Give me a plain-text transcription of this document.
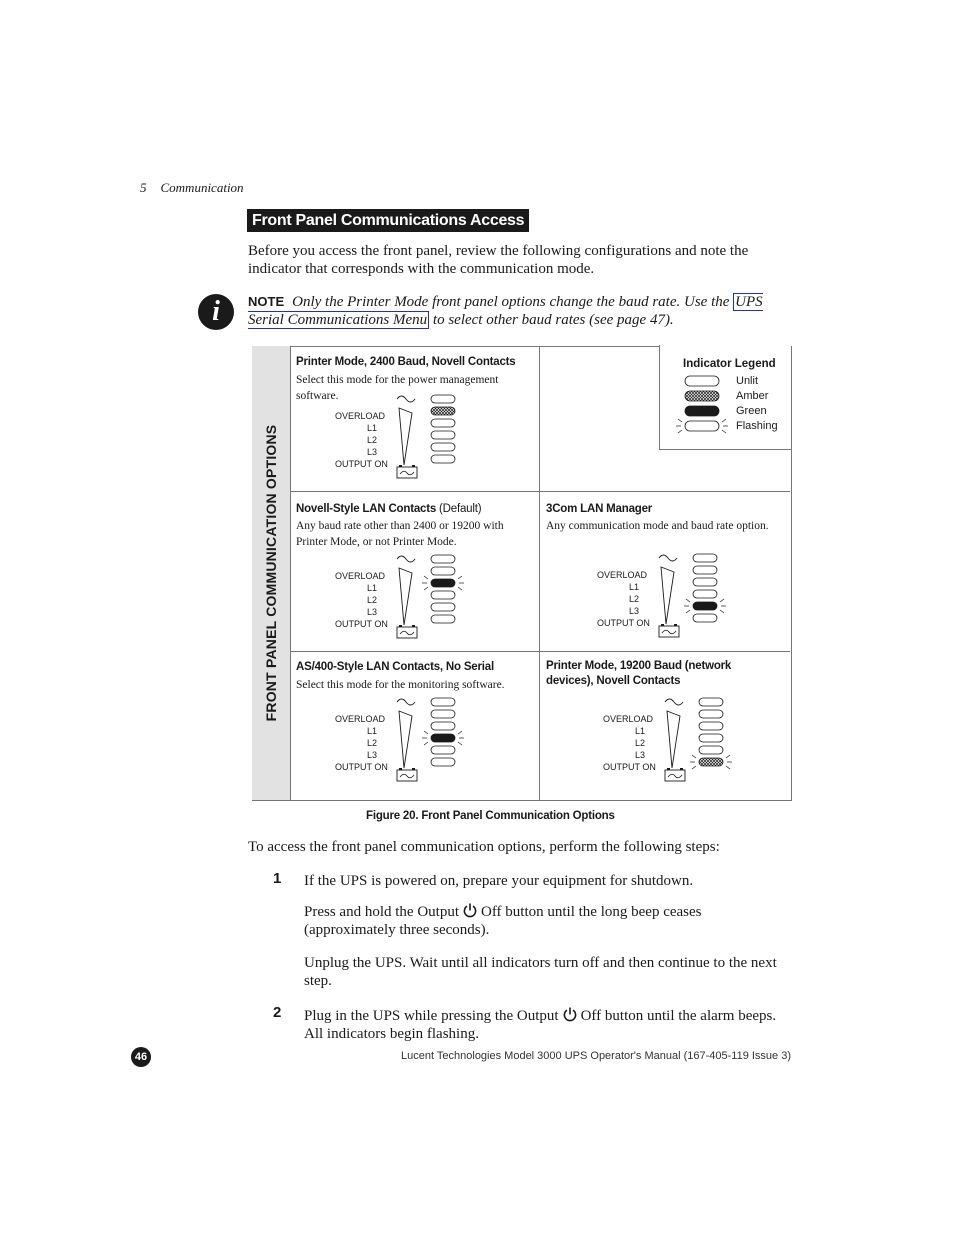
5 Communication
Front Panel Communications Access
Before you access the front panel, review the following configurations and note the indicator that corresponds with the communication mode.
i	NOTE Only the Printer Mode front panel options change the baud rate. Use the UPS Serial Communications Menu to select other baud rates (see page 47).
FRONT PANEL COMMUNICATION OPTIONS
Printer Mode, 2400 Baud, Novell Contacts
Select this mode for the power management software.
Novell-Style LAN Contacts (Default)
Any baud rate other than 2400 or 19200 with Printer Mode, or not Printer Mode.
3Com LAN Manager
Any communication mode and baud rate option.
AS/400-Style LAN Contacts, No Serial
Select this mode for the monitoring software.
Printer Mode, 19200 Baud (network devices), Novell Contacts
OVERLOAD
L1
L2
L3
OUTPUT ON
OVERLOAD
L1
L2
L3
OUTPUT ON
OVERLOAD
L1
L2
L3
OUTPUT ON
OVERLOAD
L1
L2
L3
OUTPUT ON
OVERLOAD
L1
L2
L3
OUTPUT ON
Indicator Legend
Unlit
Amber
Green
Flashing
Figure 20. Front Panel Communication Options
To access the front panel communication options, perform the following steps:
1 If the UPS is powered on, prepare your equipment for shutdown.
Press and hold the Output Off button until the long beep ceases (approximately three seconds).
Unplug the UPS. Wait until all indicators turn off and then continue to the next step.
2 Plug in the UPS while pressing the Output Off button until the alarm beeps. All indicators begin flashing.
46	Lucent Technologies Model 3000 UPS Operator's Manual (167-405-119 Issue 3)
